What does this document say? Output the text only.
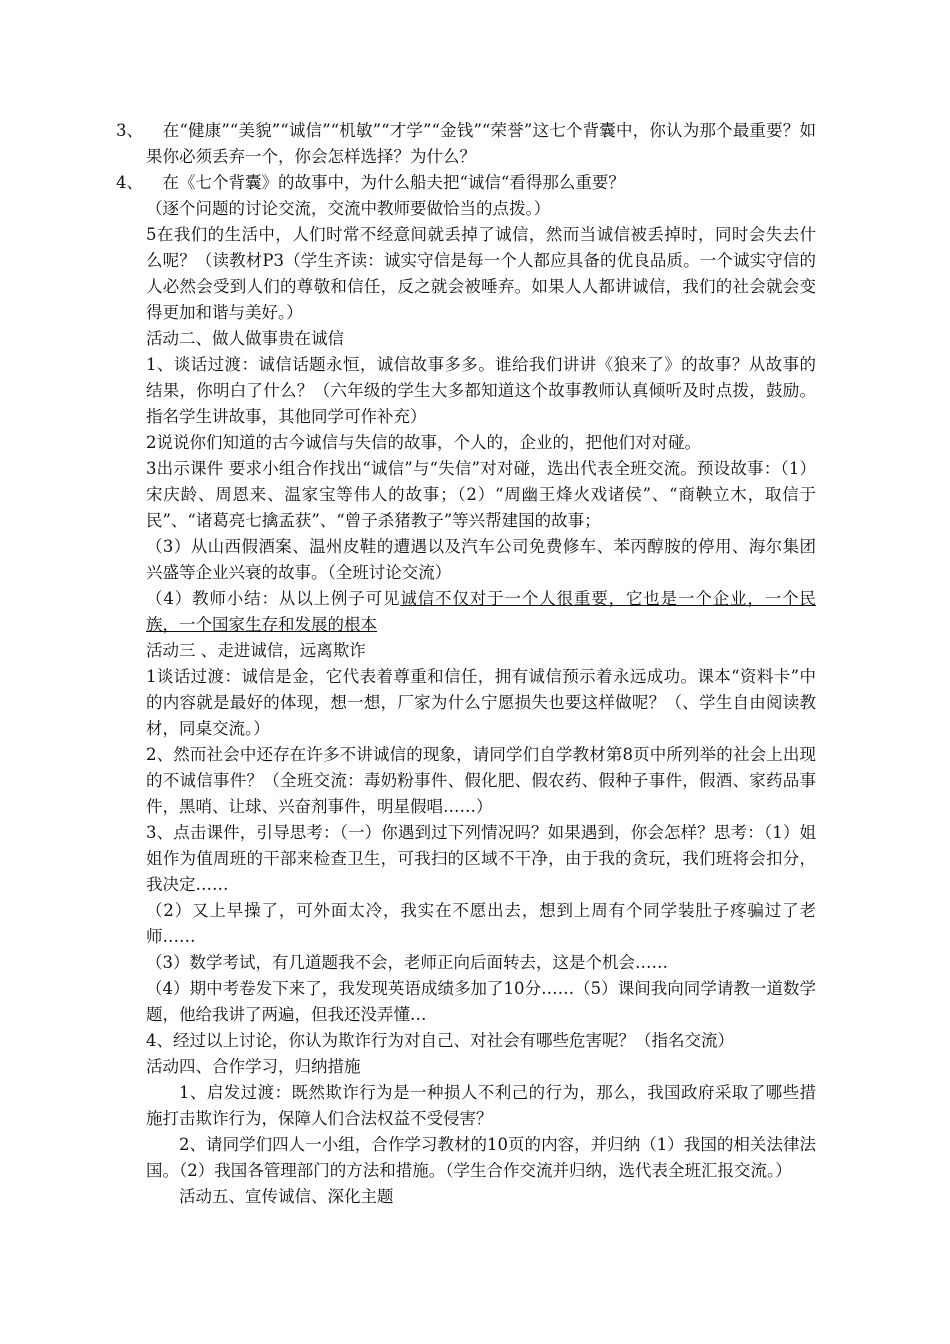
3、 　在“健康”“美貌”“诚信”“机敏”“才学”“金钱”“荣誉”这七个背囊中，你认为那个最重要？如果你必须丢弃一个，你会怎样选择？为什么？

4、 　在《七个背囊》的故事中，为什么船夫把“诚信“看得那么重要？

（逐个问题的讨论交流，交流中教师要做恰当的点拨。）

5在我们的生活中，人们时常不经意间就丢掉了诚信，然而当诚信被丢掉时，同时会失去什么呢？（读教材P3（学生齐读：诚实守信是每一个人都应具备的优良品质。一个诚实守信的人必然会受到人们的尊敬和信任，反之就会被唾弃。如果人人都讲诚信，我们的社会就会变得更加和谐与美好。）

活动二、做人做事贵在诚信

1、谈话过渡：诚信话题永恒，诚信故事多多。谁给我们讲讲《狼来了》的故事？从故事的结果，你明白了什么？（六年级的学生大多都知道这个故事教师认真倾听及时点拨，鼓励。指名学生讲故事，其他同学可作补充）

2说说你们知道的古今诚信与失信的故事，个人的，企业的，把他们对对碰。

3出示课件 要求小组合作找出“诚信”与“失信”对对碰，选出代表全班交流。预设故事：（1）宋庆龄、周恩来、温家宝等伟人的故事；（2）“周幽王烽火戏诸侯”、“商鞅立木，取信于民”、“诸葛亮七擒孟获”、“曾子杀猪教子”等兴帮建国的故事；

（3）从山西假酒案、温州皮鞋的遭遇以及汽车公司免费修车、苯丙醇胺的停用、海尔集团兴盛等企业兴衰的故事。（全班讨论交流）

（4）教师小结：从以上例子可见诚信不仅对于一个人很重要，它也是一个企业，一个民族，一个国家生存和发展的根本

活动三 、走进诚信，远离欺诈

1谈话过渡：诚信是金，它代表着尊重和信任，拥有诚信预示着永远成功。课本“资料卡”中的内容就是最好的体现，想一想，厂家为什么宁愿损失也要这样做呢？（、学生自由阅读教材，同桌交流。）

2、然而社会中还存在许多不讲诚信的现象，请同学们自学教材第8页中所列举的社会上出现的不诚信事件？（全班交流：毒奶粉事件、假化肥、假农药、假种子事件，假酒、家药品事件，黑哨、让球、兴奋剂事件，明星假唱……）

3、点击课件，引导思考：（一）你遇到过下列情况吗？如果遇到，你会怎样？思考：（1）姐姐作为值周班的干部来检查卫生，可我扫的区域不干净，由于我的贪玩，我们班将会扣分，我决定……

（2）又上早操了，可外面太冷，我实在不愿出去，想到上周有个同学装肚子疼骗过了老师……

（3）数学考试，有几道题我不会，老师正向后面转去，这是个机会……

（4）期中考卷发下来了，我发现英语成绩多加了10分……（5）课间我向同学请教一道数学题，他给我讲了两遍，但我还没弄懂…

4、经过以上讨论，你认为欺诈行为对自己、对社会有哪些危害呢？（指名交流）

活动四、合作学习，归纳措施

1、启发过渡：既然欺诈行为是一种损人不利己的行为，那么，我国政府采取了哪些措施打击欺诈行为，保障人们合法权益不受侵害？

2、请同学们四人一小组，合作学习教材的10页的内容，并归纳（1）我国的相关法律法国。（2）我国各管理部门的方法和措施。（学生合作交流并归纳，选代表全班汇报交流。）

活动五、宣传诚信、深化主题
